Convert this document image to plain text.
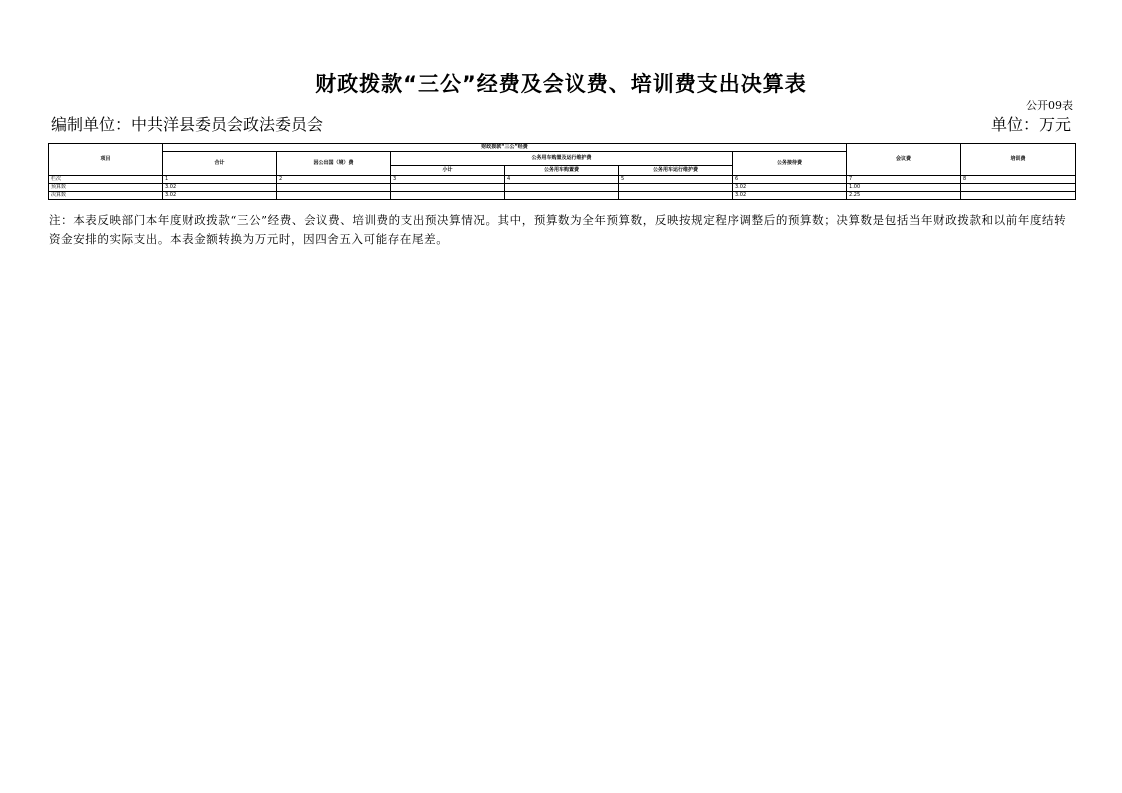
财政拨款“三公”经费及会议费、培训费支出决算表
公开09表
编制单位：中共洋县委员会政法委员会	单位：万元
项目	财政拨款“三公”经费						会议费	培训费
	合计	因公出国（境）费	公务用车购置及运行维护费			公务接待费		
			小计	公务用车购置费	公务用车运行维护费			
栏次	1	2	3	4	5	6	7	8
预算数	3.02					3.02	1.00	
决算数	3.02					3.02	2.25	
注：本表反映部门本年度财政拨款“三公”经费、会议费、培训费的支出预决算情况。其中，预算数为全年预算数，反映按规定程序调整后的预算数；决算数是包括当年财政拨款和以前年度结转资金安排的实际支出。本表金额转换为万元时，因四舍五入可能存在尾差。
